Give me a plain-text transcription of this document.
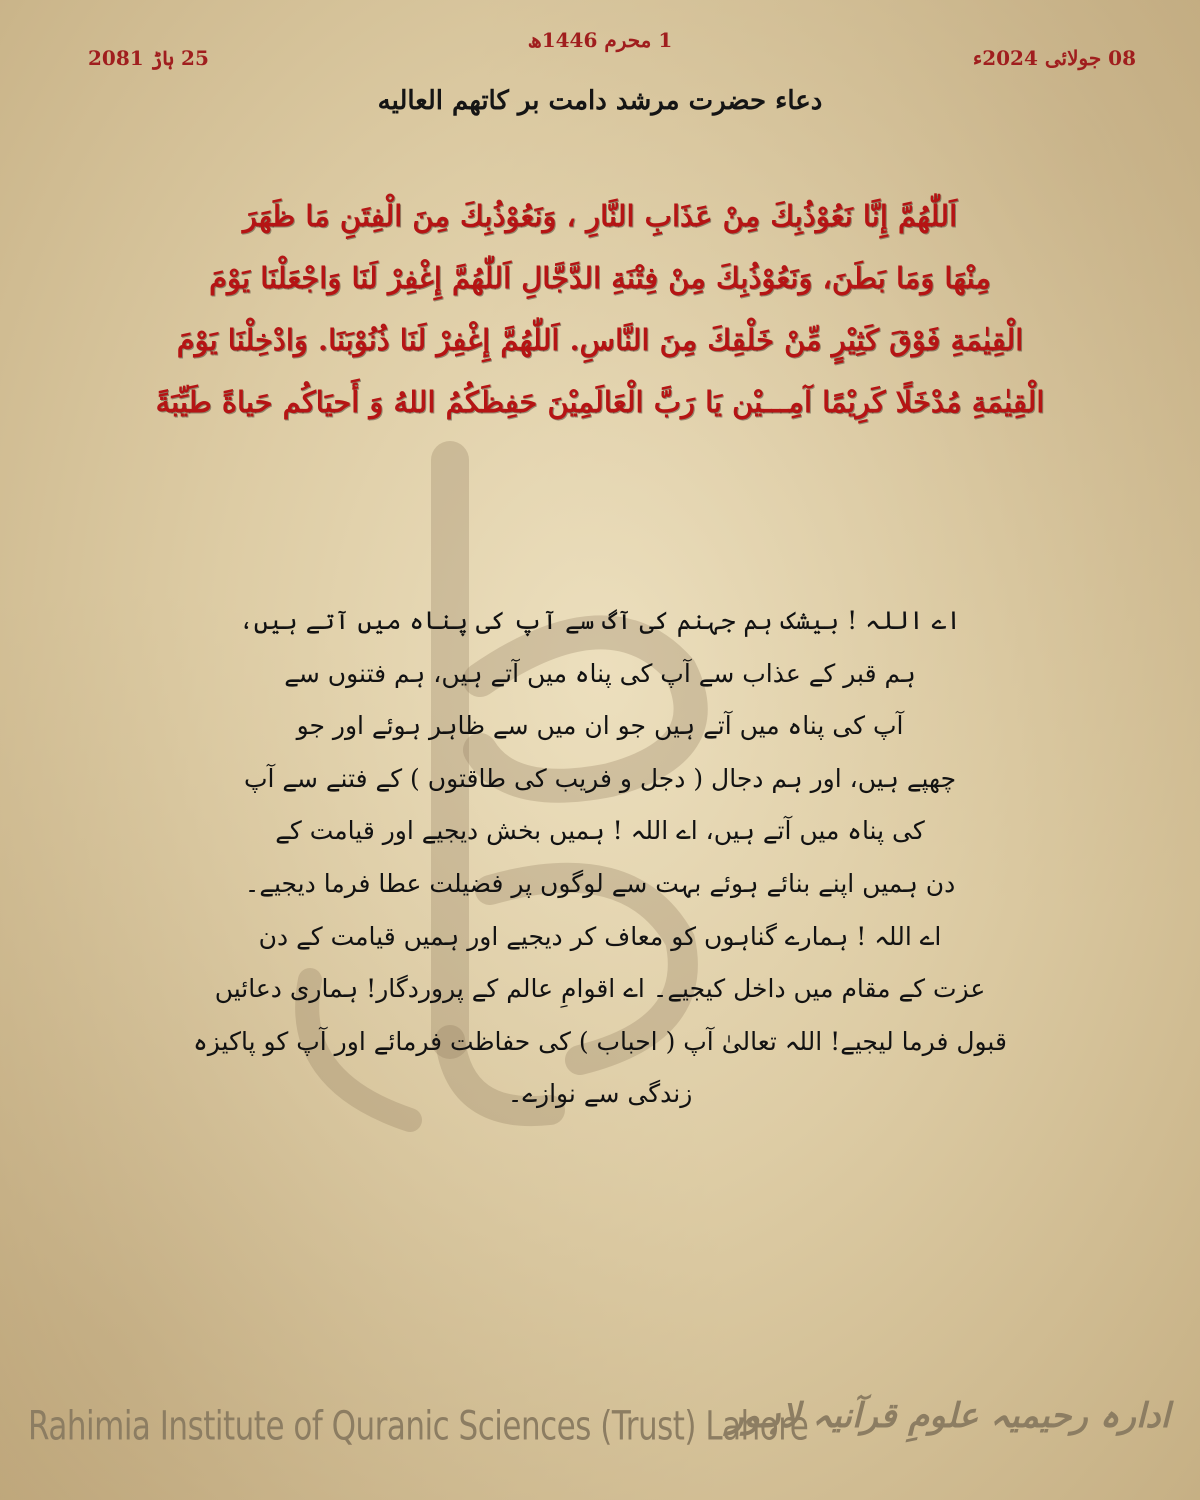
1 محرم 1446ھ
25 ہاڑ 2081	08 جولائی 2024ء
دعاء حضرت مرشد دامت بر کاتهم العالیه
اَللّٰهُمَّ إِنَّا نَعُوْذُبِكَ مِنْ عَذَابِ النَّارِ ، وَنَعُوْذُبِكَ مِنَ الْفِتَنِ مَا ظَهَرَ
مِنْهَا وَمَا بَطَنَ، وَنَعُوْذُبِكَ مِنْ فِتْنَةِ الدَّجَّالِ اَللّٰهُمَّ إِغْفِرْ لَنَا وَاجْعَلْنَا يَوْمَ
الْقِيٰمَةِ فَوْقَ كَثِيْرٍ مِّنْ خَلْقِكَ مِنَ النَّاسِ. اَللّٰهُمَّ إِغْفِرْ لَنَا ذُنُوْبَنَا. وَادْخِلْنَا يَوْمَ
الْقِيٰمَةِ مُدْخَلًا كَرِيْمًا آمِـــيْن يَا رَبَّ الْعَالَمِيْنَ حَفِظَكُمُ اللهُ وَ أَحيَاكُم حَياةً طَيِّبَةً
اے اللہ ! بیشک ہم جہنم کی آگ سے آپ کی پناہ میں آتے ہیں،
ہم قبر کے عذاب سے آپ کی پناہ میں آتے ہیں، ہم فتنوں سے
آپ کی پناہ میں آتے ہیں جو ان میں سے ظاہر ہوئے اور جو
چھپے ہیں، اور ہم دجال ( دجل و فریب کی طاقتوں ) کے فتنے سے آپ
کی پناہ میں آتے ہیں، اے اللہ ! ہمیں بخش دیجیے اور قیامت کے
دن ہمیں اپنے بنائے ہوئے بہت سے لوگوں پر فضیلت عطا فرما دیجیے۔
اے اللہ ! ہمارے گناہوں کو معاف کر دیجیے اور ہمیں قیامت کے دن
عزت کے مقام میں داخل کیجیے۔ اے اقوامِ عالم کے پروردگار! ہماری دعائیں
قبول فرما لیجیے! اللہ تعالیٰ آپ ( احباب ) کی حفاظت فرمائے اور آپ کو پاکیزہ
زندگی سے نوازے۔
Rahimia Institute of Quranic Sciences (Trust) Lahore
ادارہ رحیمیہ علومِ قرآنیہ لاہور
